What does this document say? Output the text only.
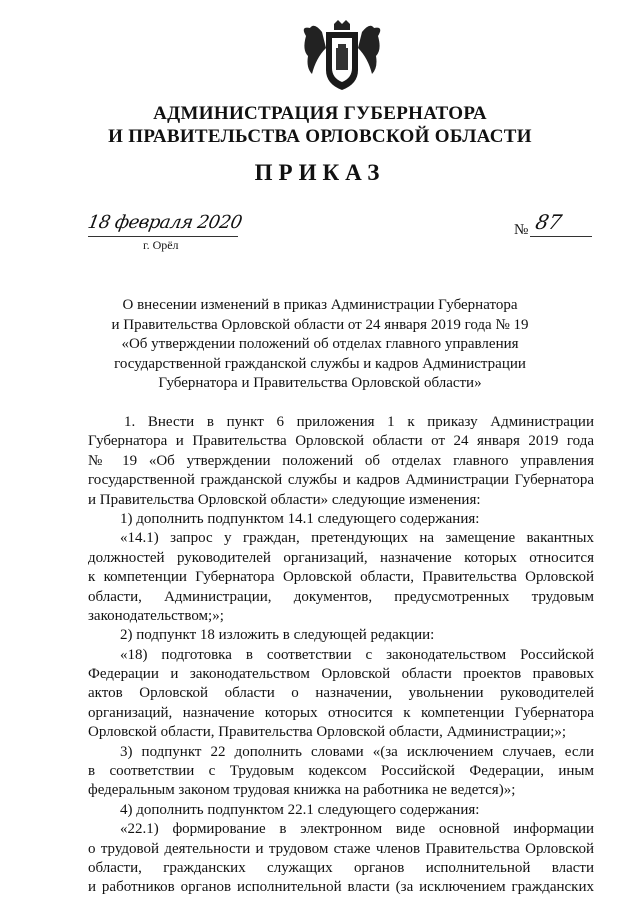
АДМИНИСТРАЦИЯ ГУБЕРНАТОРА
И ПРАВИТЕЛЬСТВА ОРЛОВСКОЙ ОБЛАСТИ
ПРИКАЗ
18 февраля 2020
г. Орёл
№ 87
О внесении изменений в приказ Администрации Губернатора
и Правительства Орловской области от 24 января 2019 года № 19
«Об утверждении положений об отделах главного управления
государственной гражданской службы и кадров Администрации
Губернатора и Правительства Орловской области»
1. Внести в пункт 6 приложения 1 к приказу Администрации
Губернатора и Правительства Орловской области от 24 января 2019 года
№ 19 «Об утверждении положений об отделах главного управления
государственной гражданской службы и кадров Администрации Губернатора
и Правительства Орловской области» следующие изменения:
1) дополнить подпунктом 14.1 следующего содержания:
«14.1) запрос у граждан, претендующих на замещение вакантных
должностей руководителей организаций, назначение которых относится
к компетенции Губернатора Орловской области, Правительства Орловской
области, Администрации, документов, предусмотренных трудовым
законодательством;»;
2) подпункт 18 изложить в следующей редакции:
«18) подготовка в соответствии с законодательством Российской
Федерации и законодательством Орловской области проектов правовых
актов Орловской области о назначении, увольнении руководителей
организаций, назначение которых относится к компетенции Губернатора
Орловской области, Правительства Орловской области, Администрации;»;
3) подпункт 22 дополнить словами «(за исключением случаев, если
в соответствии с Трудовым кодексом Российской Федерации, иным
федеральным законом трудовая книжка на работника не ведется)»;
4) дополнить подпунктом 22.1 следующего содержания:
«22.1) формирование в электронном виде основной информации
о трудовой деятельности и трудовом стаже членов Правительства Орловской
области, гражданских служащих органов исполнительной власти
и работников органов исполнительной власти (за исключением гражданских
